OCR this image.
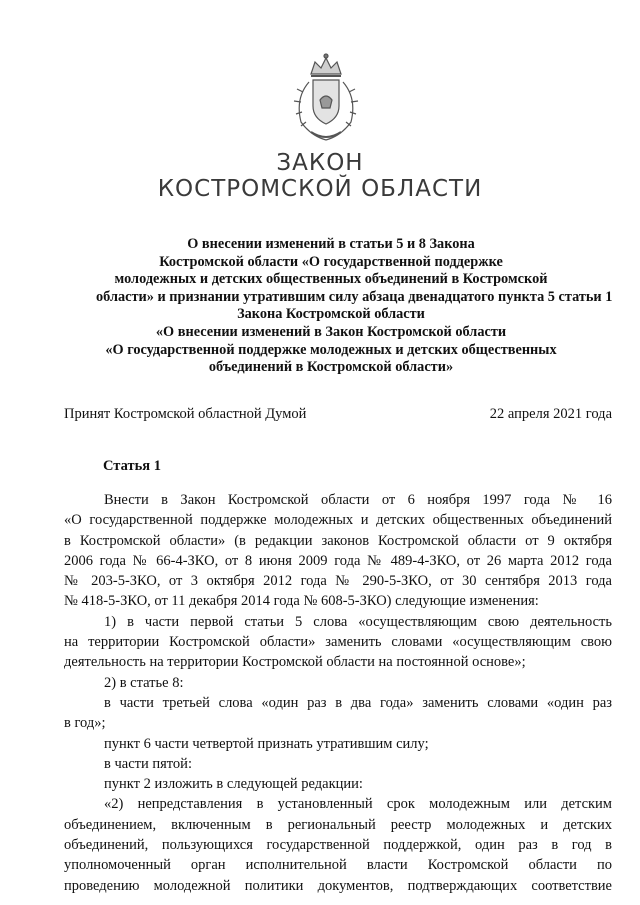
ЗАКОН
КОСТРОМСКОЙ ОБЛАСТИ
О внесении изменений в статьи 5 и 8 Закона
Костромской области «О государственной поддержке
молодежных и детских общественных объединений в Костромской
области» и признании утратившим силу абзаца двенадцатого пункта 5 статьи 1
Закона Костромской области
«О внесении изменений в Закон Костромской области
«О государственной поддержке молодежных и детских общественных
объединений в Костромской области»
Принят Костромской областной Думой	22 апреля 2021 года
Статья 1
Внести в Закон Костромской области от 6 ноября 1997 года № 16
«О государственной поддержке молодежных и детских общественных объединений
в Костромской области» (в редакции законов Костромской области от 9 октября
2006 года № 66-4-ЗКО, от 8 июня 2009 года № 489-4-ЗКО, от 26 марта 2012 года
№ 203-5-ЗКО, от 3 октября 2012 года № 290-5-ЗКО, от 30 сентября 2013 года
№ 418-5-ЗКО, от 11 декабря 2014 года № 608-5-ЗКО) следующие изменения:
1) в части первой статьи 5 слова «осуществляющим свою деятельность
на территории Костромской области» заменить словами «осуществляющим свою
деятельность на территории Костромской области на постоянной основе»;
2) в статье 8:
в части третьей слова «один раз в два года» заменить словами «один раз
в год»;
пункт 6 части четвертой признать утратившим силу;
в части пятой:
пункт 2 изложить в следующей редакции:
«2) непредставления в установленный срок молодежным или детским
объединением, включенным в региональный реестр молодежных и детских
объединений, пользующихся государственной поддержкой, один раз в год в
уполномоченный орган исполнительной власти Костромской области по
проведению молодежной политики документов, подтверждающих соответствие
